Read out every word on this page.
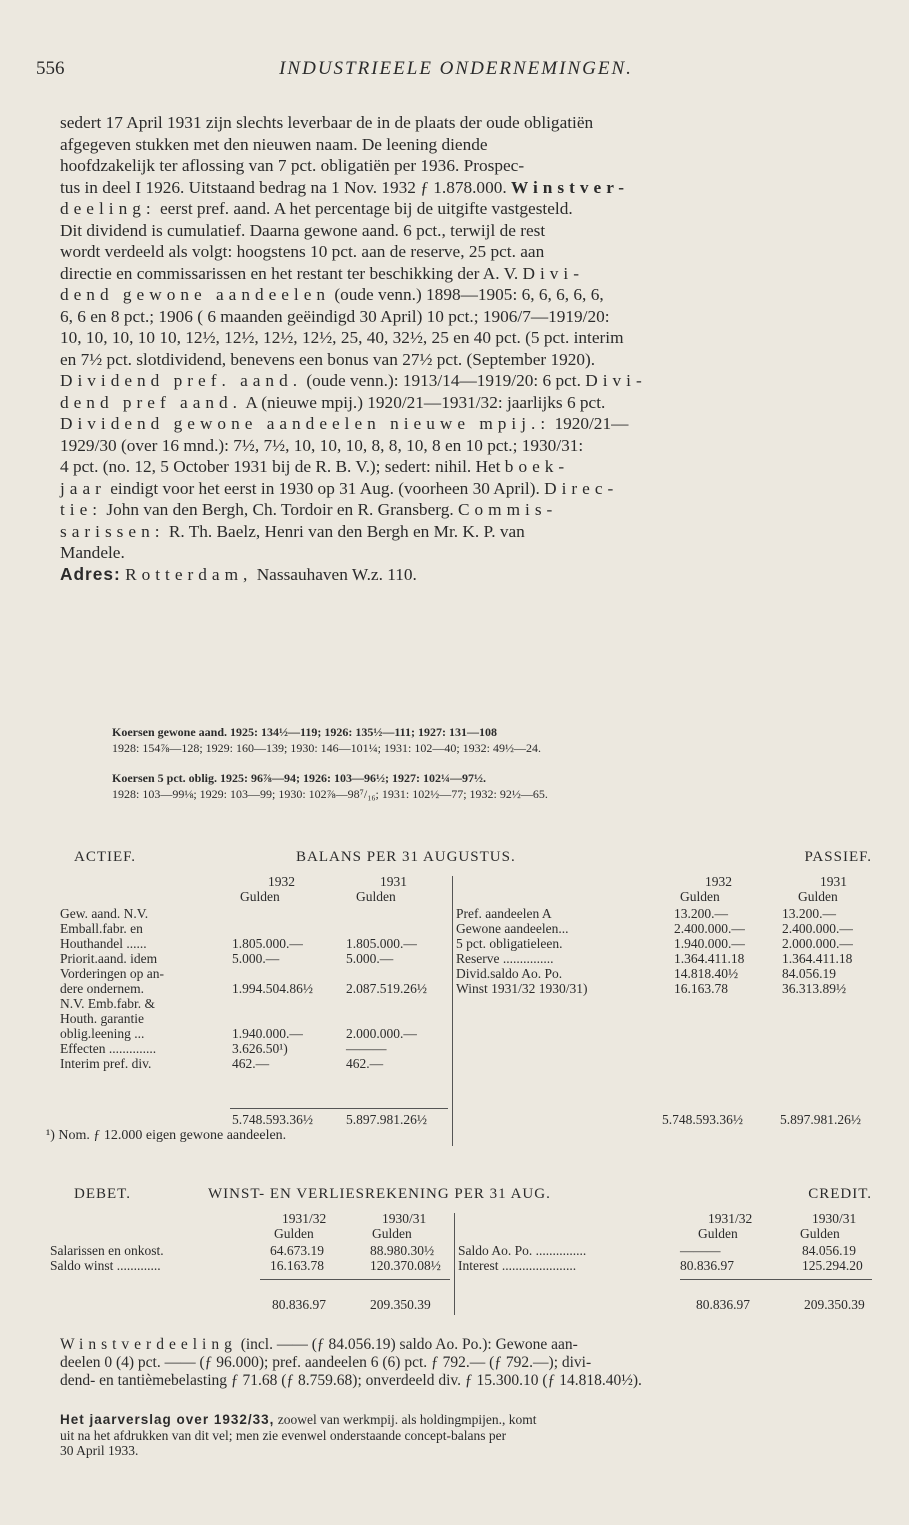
556	INDUSTRIEELE ONDERNEMINGEN.
sedert 17 April 1931 zijn slechts leverbaar de in de plaats der oude obligatiën
afgegeven stukken met den nieuwen naam. De leening diende
hoofdzakelijk ter aflossing van 7 pct. obligatiën per 1936. Prospec-
tus in deel I 1926. Uitstaand bedrag na 1 Nov. 1932 ƒ 1.878.000. Winstver-
deeling: eerst pref. aand. A het percentage bij de uitgifte vastgesteld.
Dit dividend is cumulatief. Daarna gewone aand. 6 pct., terwijl de rest
wordt verdeeld als volgt: hoogstens 10 pct. aan de reserve, 25 pct. aan
directie en commissarissen en het restant ter beschikking der A. V. Divi-
dend gewone aandeelen (oude venn.) 1898—1905: 6, 6, 6, 6, 6,
6, 6 en 8 pct.; 1906 ( 6 maanden geëindigd 30 April) 10 pct.; 1906/7—1919/20:
10, 10, 10, 10 10, 12½, 12½, 12½, 12½, 25, 40, 32½, 25 en 40 pct. (5 pct. interim
en 7½ pct. slotdividend, benevens een bonus van 27½ pct. (September 1920).
Dividend pref. aand. (oude venn.): 1913/14—1919/20: 6 pct. Divi-
dend pref aand. A (nieuwe mpij.) 1920/21—1931/32: jaarlijks 6 pct.
Dividend gewone aandeelen nieuwe mpij.: 1920/21—
1929/30 (over 16 mnd.): 7½, 7½, 10, 10, 10, 8, 8, 10, 8 en 10 pct.; 1930/31:
4 pct. (no. 12, 5 October 1931 bij de R. B. V.); sedert: nihil. Het boek-
jaar eindigt voor het eerst in 1930 op 31 Aug. (voorheen 30 April). Direc-
tie: John van den Bergh, Ch. Tordoir en R. Gransberg. Commis-
sarissen: R. Th. Baelz, Henri van den Bergh en Mr. K. P. van
Mandele.
Adres: Rotterdam, Nassauhaven W.z. 110.
Koersen gewone aand. 1925: 134½—119; 1926: 135½—111; 1927: 131—108
1928: 154⅞—128; 1929: 160—139; 1930: 146—101¼; 1931: 102—40; 1932: 49½—24.
Koersen 5 pct. oblig. 1925: 96⅞—94; 1926: 103—96½; 1927: 102¼—97½.
1928: 103—99⅛; 1929: 103—99; 1930: 102⅞—98⁷/₁₆; 1931: 102½—77; 1932: 92½—65.
ACTIEF.	BALANS PER 31 AUGUSTUS.	PASSIEF.
1932	1931	1932	1931
Gulden	Gulden	Gulden	Gulden
Gew. aand. N.V.
Emball.fabr. en
Houthandel ......	1.805.000.—	1.805.000.—
Priorit.aand. idem	5.000.—	5.000.—
Vorderingen op an-
dere ondernem.	1.994.504.86½ 2.087.519.26½
N.V. Emb.fabr. &
Houth. garantie
oblig.leening ...	1.940.000.—	2.000.000.—
Effecten ..............	3.626.50¹)	———
Interim pref. div.	462.—	462.—
Pref. aandeelen A	13.200.—	13.200.—
Gewone aandeelen...	2.400.000.—	2.400.000.—
5 pct. obligatieleen.	1.940.000.—	2.000.000.—
Reserve ...............	1.364.411.18	1.364.411.18
Divid.saldo Ao. Po.	14.818.40½	84.056.19
Winst 1931/32 1930/31)	16.163.78	36.313.89½
5.748.593.36½ 5.897.981.26½	5.748.593.36½	5.897.981.26½
¹) Nom. ƒ 12.000 eigen gewone aandeelen.
DEBET.	WINST- EN VERLIESREKENING PER 31 AUG.	CREDIT.
1931/32	1930/31	1931/32	1930/31
Gulden	Gulden	Gulden	Gulden
Salarissen en onkost.	64.673.19	88.980.30½
Saldo winst .............	16.163.78	120.370.08½
Saldo Ao. Po. ...............	———	84.056.19
Interest ......................	80.836.97	125.294.20
80.836.97	209.350.39	80.836.97	209.350.39
Winstverdeeling (incl. —— (ƒ 84.056.19) saldo Ao. Po.): Gewone aan-
deelen 0 (4) pct. —— (ƒ 96.000); pref. aandeelen 6 (6) pct. ƒ 792.— (ƒ 792.—); divi-
dend- en tantièmebelasting ƒ 71.68 (ƒ 8.759.68); onverdeeld div. ƒ 15.300.10 (ƒ 14.818.40½).
Het jaarverslag over 1932/33, zoowel van werkmpij. als holdingmpijen., komt
uit na het afdrukken van dit vel; men zie evenwel onderstaande concept-balans per
30 April 1933.
